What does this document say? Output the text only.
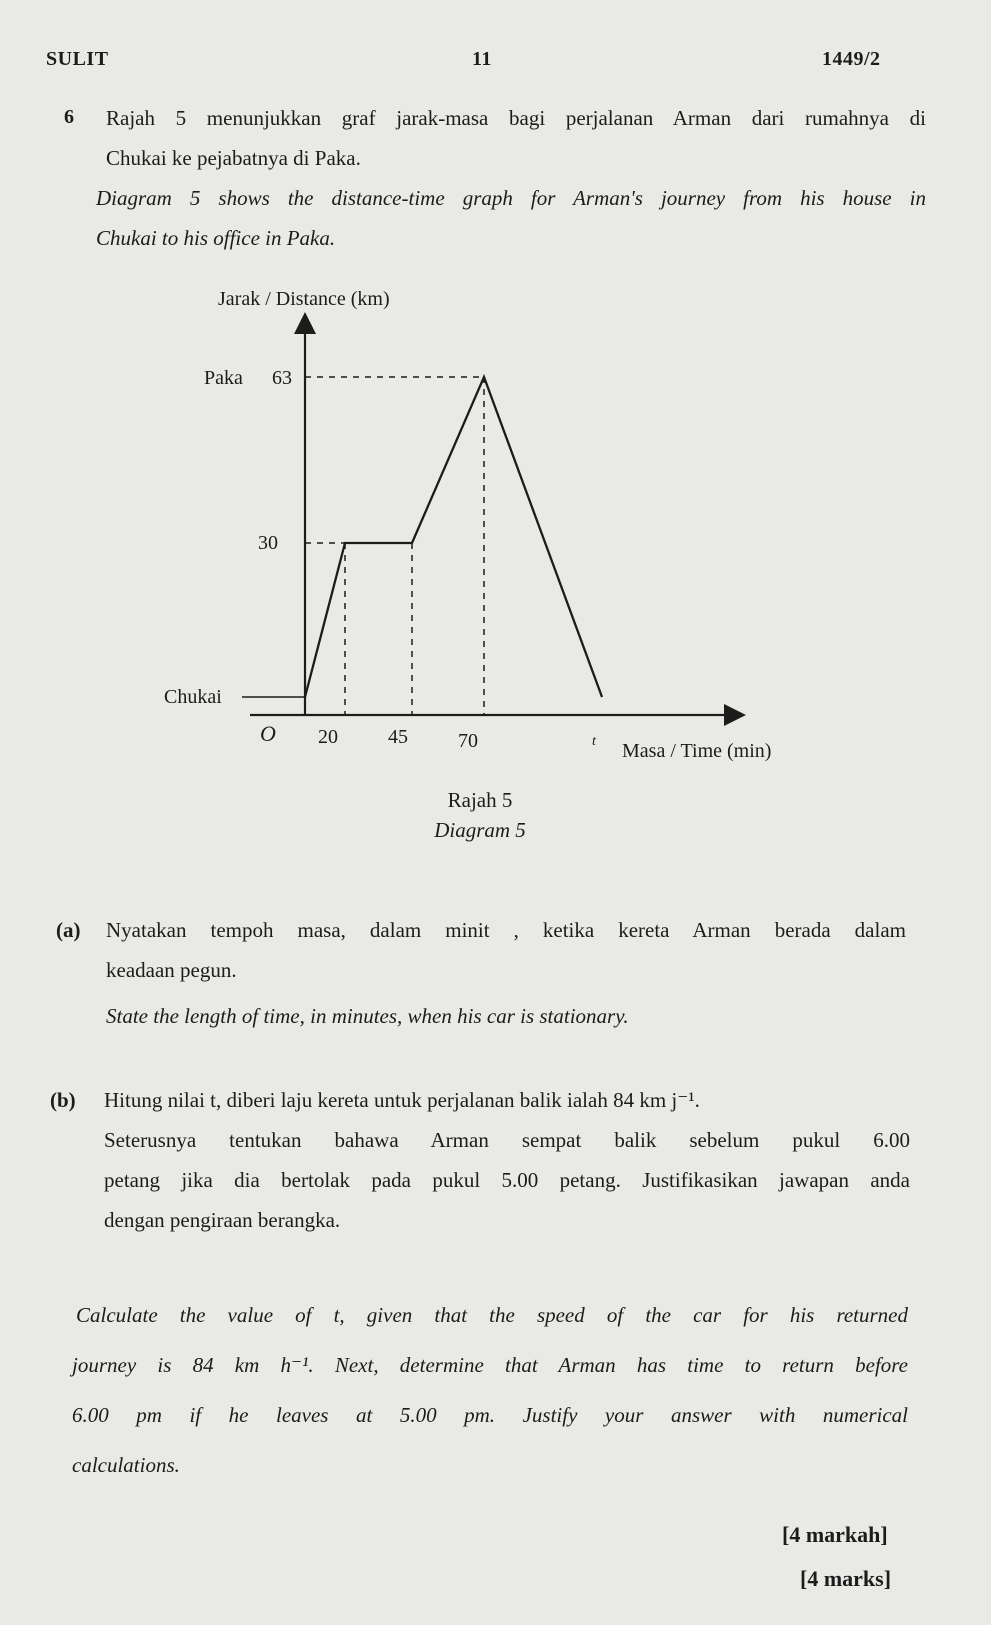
SULIT	11	1449/2
6 Rajah 5 menunjukkan graf jarak-masa bagi perjalanan Arman dari rumahnya di
Chukai ke pejabatnya di Paka.
Diagram 5 shows the distance-time graph for Arman's journey from his house in
Chukai to his office in Paka.
Jarak / Distance (km)
Paka 63
30
Chukai
O 20	45	70	t Masa / Time (min)
Rajah 5
Diagram 5
(a) Nyatakan tempoh masa, dalam minit , ketika kereta Arman berada dalam
keadaan pegun.
State the length of time, in minutes, when his car is stationary.
(b) Hitung nilai t, diberi laju kereta untuk perjalanan balik ialah 84 km j⁻¹.
Seterusnya tentukan bahawa Arman sempat balik sebelum pukul 6.00
petang jika dia bertolak pada pukul 5.00 petang. Justifikasikan jawapan anda
dengan pengiraan berangka.
Calculate the value of t, given that the speed of the car for his returned
journey is 84 km h⁻¹. Next, determine that Arman has time to return before
6.00 pm if he leaves at 5.00 pm. Justify your answer with numerical
calculations.
[4 markah]
[4 marks]
